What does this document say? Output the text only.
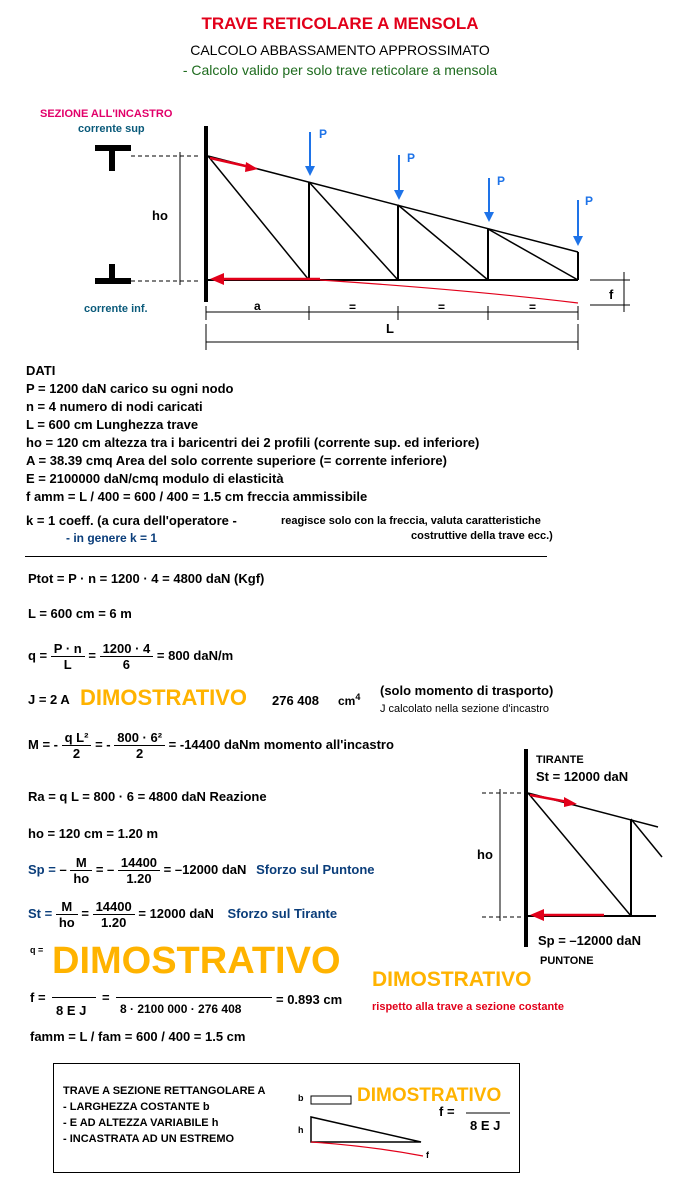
TRAVE RETICOLARE A MENSOLA
CALCOLO ABBASSAMENTO APPROSSIMATO
- Calcolo valido per solo trave reticolare a mensola
SEZIONE ALL'INCASTRO
corrente sup
corrente inf.
ho
P
P
P
P
a	=	=	=
L
f
DATI
P = 1200 daN carico su ogni nodo
n = 4 numero di nodi caricati
L = 600 cm Lunghezza trave
ho = 120 cm altezza tra i baricentri dei 2 profili (corrente sup. ed inferiore)
A = 38.39 cmq Area del solo corrente superiore (= corrente inferiore)
E = 2100000 daN/cmq modulo di elasticità
f amm = L / 400 = 600 / 400 = 1.5 cm freccia ammissibile
k = 1 coeff. (a cura dell'operatore -	reagisce solo con la freccia, valuta caratteristiche
costruttive della trave ecc.)
- in genere k = 1
Ptot = P · n = 1200 · 4 = 4800 daN (Kgf)
L = 600 cm = 6 m
$q = \frac{P \cdot n}{L} = \frac{1200 \cdot 4}{6} = 800$ daN/m
J = 2 A DIMOSTRATIVO 276 408 $cm^4$ (solo momento di trasporto)
J calcolato nella sezione d'incastro
M = - $\frac{\text{q L²}}{2}$ = - $\frac{\text{800 · 6²}}{2} = -14400$ daNm momento all'incastro
Ra = q L = 800 · 6 = 4800 daN Reazione
ho = 120 cm = 1.20 m
Sp = – $\frac{M}{ho}$ = – $\frac{14400}{1.20} = -12000$ daN Sforzo sul Puntone
$St = \frac{M}{ho} = \frac{14400}{1.20} = 12000$ daN Sforzo sul Tirante
q = DIMOSTRATIVO DIMOSTRATIVO
f =
8 E J
=
8 · 2100 000 · 276 408
= 0.893 cm	rispetto alla trave a sezione costante
famm = L / fam = 600 / 400 = 1.5 cm
TIRANTE
St = 12000 daN
ho
Sp = –12000 daN
PUNTONE
TRAVE A SEZIONE RETTANGOLARE A
- LARGHEZZA COSTANTE b
- E AD ALTEZZA VARIABILE h
- INCASTRATA AD UN ESTREMO
b
h
f
DIMOSTRATIVO
f =
8 E J
